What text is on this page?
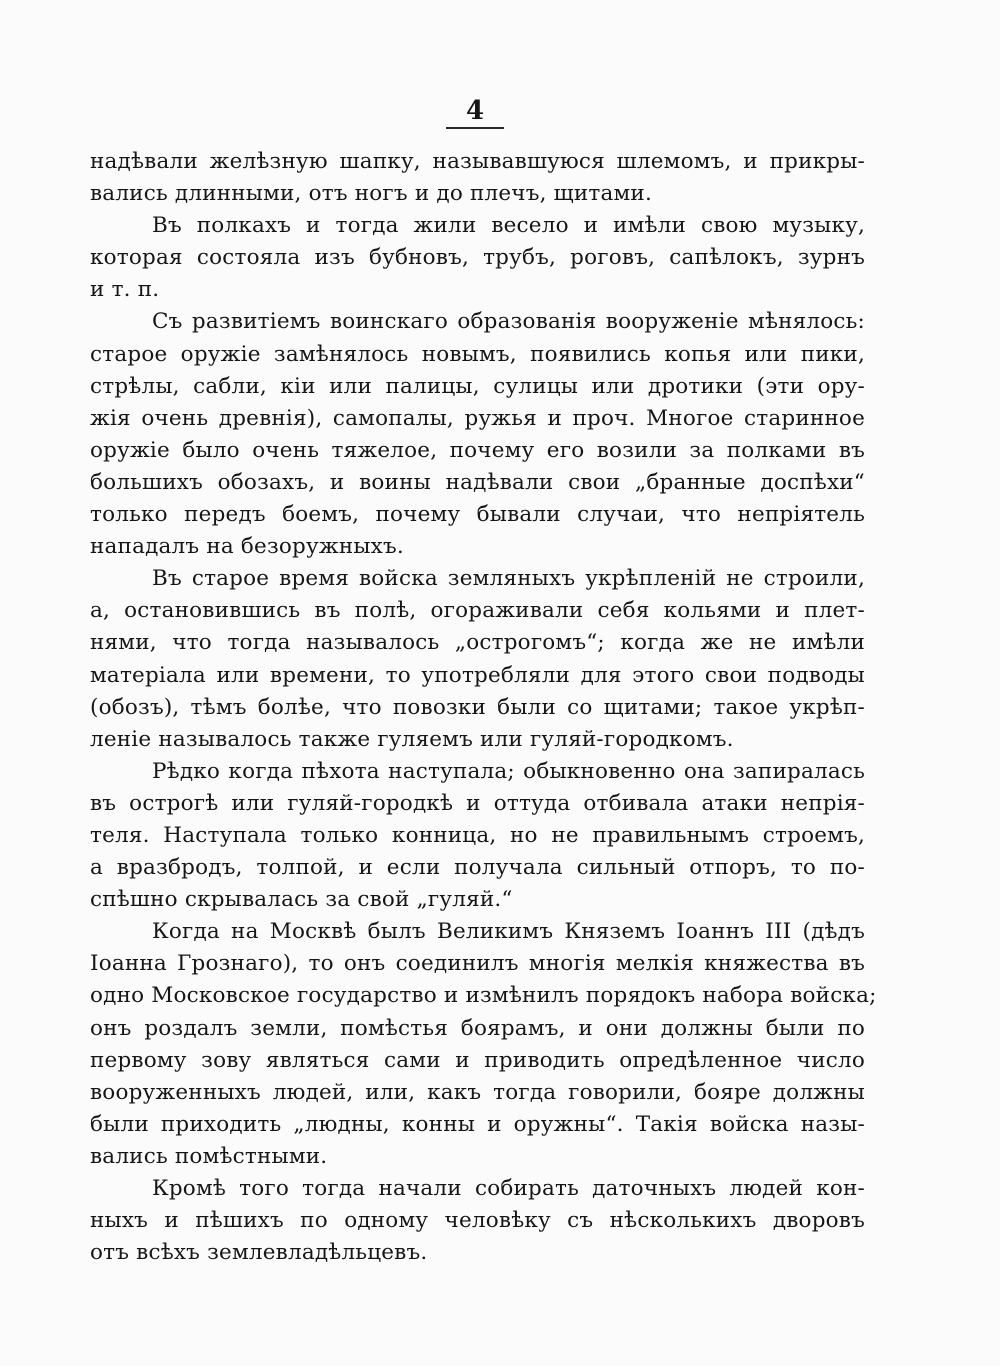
4
надѣвали желѣзную шапку, называвшуюся шлемомъ, и прикры-
вались длинными, отъ ногъ и до плечъ, щитами.
Въ полкахъ и тогда жили весело и имѣли свою музыку,
которая состояла изъ бубновъ, трубъ, роговъ, сапѣлокъ, зурнъ
и т. п.
Съ развитіемъ воинскаго образованія вооруженіе мѣнялось:
старое оружіе замѣнялось новымъ, появились копья или пики,
стрѣлы, сабли, кіи или палицы, сулицы или дротики (эти ору-
жія очень древнія), самопалы, ружья и проч. Многое старинное
оружіе было очень тяжелое, почему его возили за полками въ
большихъ обозахъ, и воины надѣвали свои „бранные доспѣхи“
только передъ боемъ, почему бывали случаи, что непріятель
нападалъ на безоружныхъ.
Въ старое время войска земляныхъ укрѣпленій не строили,
а, остановившись въ полѣ, огораживали себя кольями и плет-
нями, что тогда называлось „острогомъ“; когда же не имѣли
матеріала или времени, то употребляли для этого свои подводы
(обозъ), тѣмъ болѣе, что повозки были со щитами; такое укрѣп-
леніе называлось также гуляемъ или гуляй-городкомъ.
Рѣдко когда пѣхота наступала; обыкновенно она запиралась
въ острогѣ или гуляй-городкѣ и оттуда отбивала атаки непрія-
теля. Наступала только конница, но не правильнымъ строемъ,
а вразбродъ, толпой, и если получала сильный отпоръ, то по-
спѣшно скрывалась за свой „гуляй.“
Когда на Москвѣ былъ Великимъ Княземъ Іоаннъ III (дѣдъ
Іоанна Грознаго), то онъ соединилъ многія мелкія княжества въ
одно Московское государство и измѣнилъ порядокъ набора войска;
онъ роздалъ земли, помѣстья боярамъ, и они должны были по
первому зову являться сами и приводить опредѣленное число
вооруженныхъ людей, или, какъ тогда говорили, бояре должны
были приходить „людны, конны и оружны“. Такія войска назы-
вались помѣстными.
Кромѣ того тогда начали собирать даточныхъ людей кон-
ныхъ и пѣшихъ по одному человѣку съ нѣсколькихъ дворовъ
отъ всѣхъ землевладѣльцевъ.
